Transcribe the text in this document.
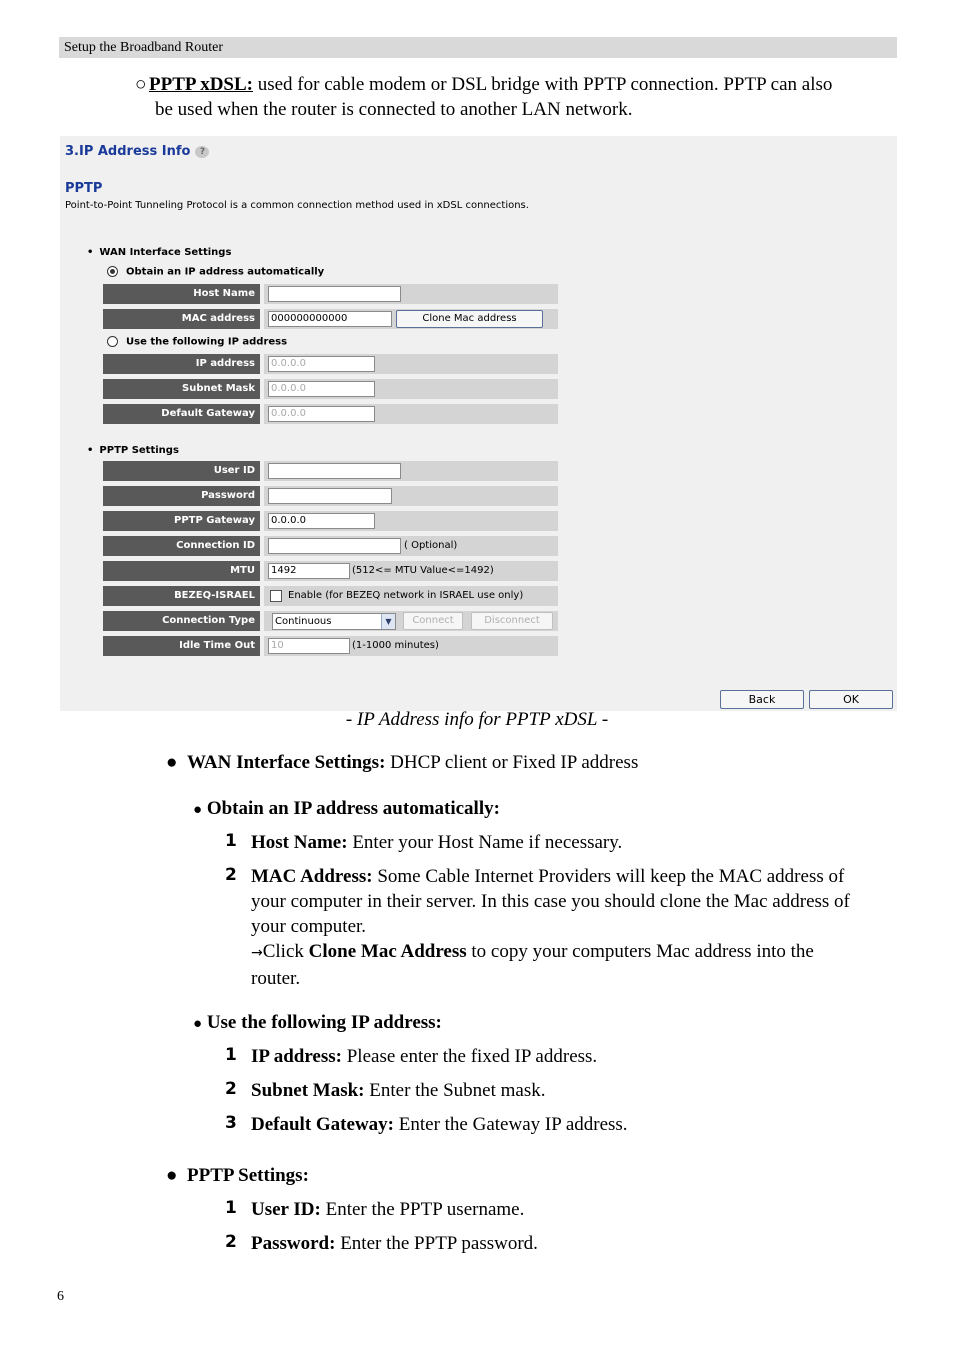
Setup the Broadband Router
○ PPTP xDSL: used for cable modem or DSL bridge with PPTP connection. PPTP can also
be used when the router is connected to another LAN network.
3.IP Address Info ?
PPTP
Point-to-Point Tunneling Protocol is a common connection method used in xDSL connections.
• WAN Interface Settings
Obtain an IP address automatically
Host Name
MAC address	000000000000	Clone Mac address
Use the following IP address
IP address	0.0.0.0
Subnet Mask	0.0.0.0
Default Gateway	0.0.0.0
• PPTP Settings
User ID
Password
PPTP Gateway	0.0.0.0
Connection ID	( Optional)
MTU	1492	(512<= MTU Value<=1492)
BEZEQ-ISRAEL	Enable (for BEZEQ network in ISRAEL use only)
Connection Type	Continuous	▼	Connect	Disconnect
Idle Time Out	10	(1-1000 minutes)
Back	OK
- IP Address info for PPTP xDSL -
● WAN Interface Settings: DHCP client or Fixed IP address
● Obtain an IP address automatically:
1 Host Name: Enter your Host Name if necessary.
2 MAC Address: Some Cable Internet Providers will keep the MAC address of
your computer in their server. In this case you should clone the Mac address of
your computer.
→Click Clone Mac Address to copy your computers Mac address into the
router.
● Use the following IP address:
1 IP address: Please enter the fixed IP address.
2 Subnet Mask: Enter the Subnet mask.
3 Default Gateway: Enter the Gateway IP address.
● PPTP Settings:
1 User ID: Enter the PPTP username.
2 Password: Enter the PPTP password.
6
